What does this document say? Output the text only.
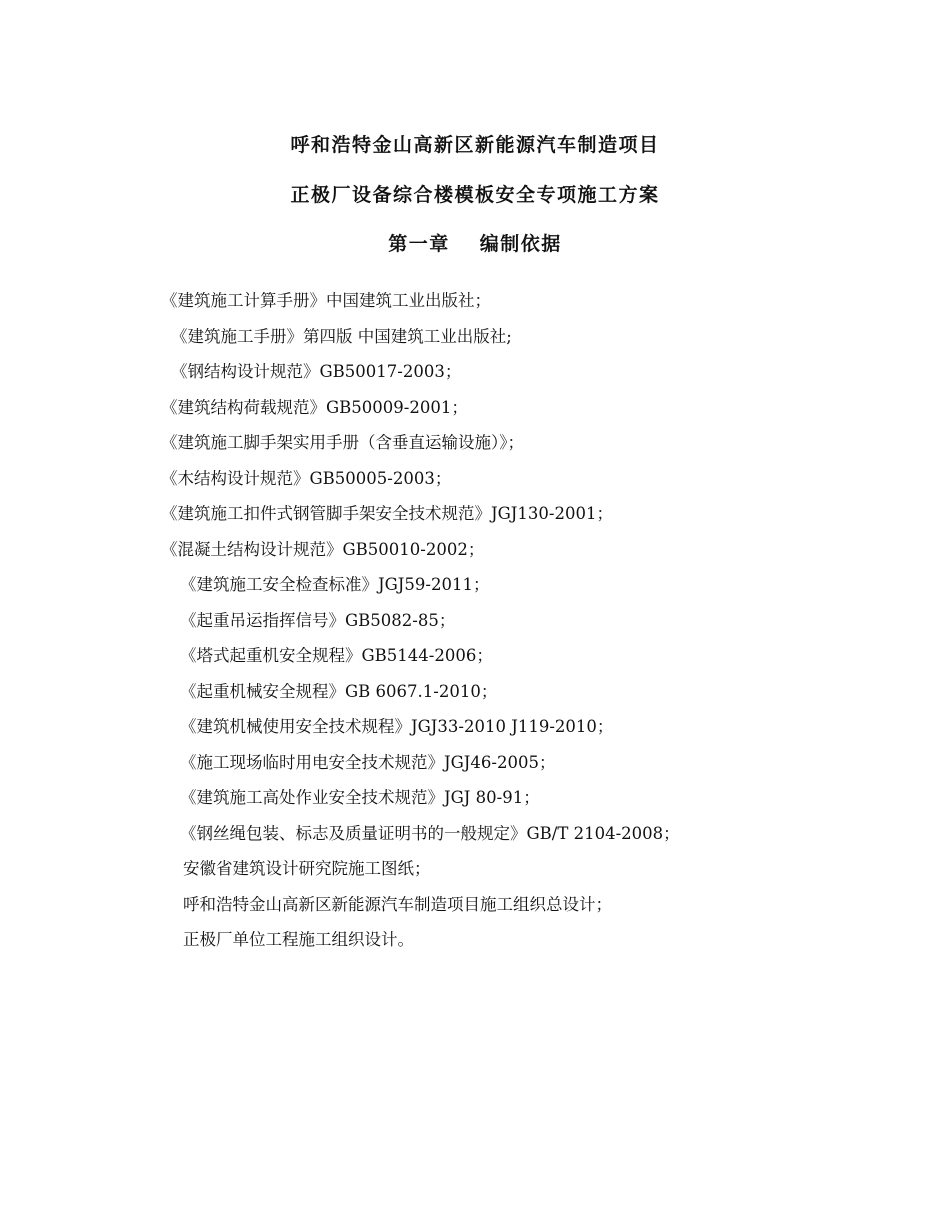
呼和浩特金山高新区新能源汽车制造项目
正极厂设备综合楼模板安全专项施工方案
第一章 编制依据
《建筑施工计算手册》中国建筑工业出版社；
《建筑施工手册》第四版 中国建筑工业出版社;
《钢结构设计规范》GB50017-2003；
《建筑结构荷载规范》GB50009-2001；
《建筑施工脚手架实用手册（含垂直运输设施）》；
《木结构设计规范》GB50005-2003；
《建筑施工扣件式钢管脚手架安全技术规范》JGJ130-2001；
《混凝土结构设计规范》GB50010-2002；
《建筑施工安全检查标准》JGJ59-2011；
《起重吊运指挥信号》GB5082-85；
《塔式起重机安全规程》GB5144-2006；
《起重机械安全规程》GB 6067.1-2010；
《建筑机械使用安全技术规程》JGJ33-2010 J119-2010；
《施工现场临时用电安全技术规范》JGJ46-2005；
《建筑施工高处作业安全技术规范》JGJ 80-91；
《钢丝绳包装、标志及质量证明书的一般规定》GB/T 2104-2008；
安徽省建筑设计研究院施工图纸；
呼和浩特金山高新区新能源汽车制造项目施工组织总设计；
正极厂单位工程施工组织设计。
